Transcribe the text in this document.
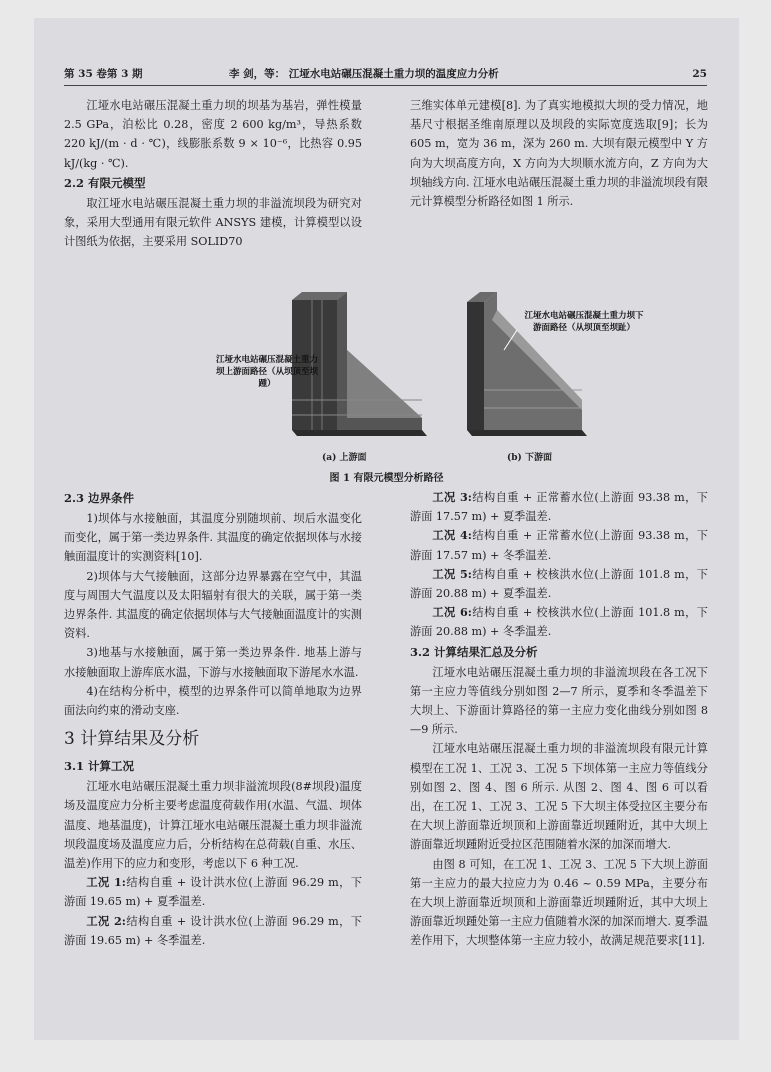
第 35 卷第 3 期	李 剑，等： 江垭水电站碾压混凝土重力坝的温度应力分析	25

江垭水电站碾压混凝土重力坝的坝基为基岩，弹性模量 2.5 GPa，泊松比 0.28，密度 2 600 kg/m³，导热系数 220 kJ/(m · d · ℃)，线膨胀系数 9 × 10⁻⁶，比热容 0.95 kJ/(kg · ℃).

2.2 有限元模型

取江垭水电站碾压混凝土重力坝的非溢流坝段为研究对象，采用大型通用有限元软件 ANSYS 建模，计算模型以设计图纸为依据，主要采用 SOLID70

三维实体单元建模[8]. 为了真实地模拟大坝的受力情况，地基尺寸根据圣维南原理以及坝段的实际宽度选取[9]；长为 605 m，宽为 36 m，深为 260 m. 大坝有限元模型中 Y 方向为大坝高度方向，X 方向为大坝顺水流方向，Z 方向为大坝轴线方向. 江垭水电站碾压混凝土重力坝的非溢流坝段有限元计算模型分析路径如图 1 所示.

江垭水电站碾压混凝土重力坝上游面路径（从坝顶至坝踵）
江垭水电站碾压混凝土重力坝下游面路径（从坝顶至坝趾）
(a) 上游面	(b) 下游面
图 1 有限元模型分析路径
2.3 边界条件

1)坝体与水接触面，其温度分别随坝前、坝后水温变化而变化，属于第一类边界条件. 其温度的确定依据坝体与水接触面温度计的实测资料[10].

2)坝体与大气接触面，这部分边界暴露在空气中，其温度与周围大气温度以及太阳辐射有很大的关联，属于第一类边界条件. 其温度的确定依据坝体与大气接触面温度计的实测资料.

3)地基与水接触面，属于第一类边界条件. 地基上游与水接触面取上游库底水温，下游与水接触面取下游尾水水温.

4)在结构分析中，模型的边界条件可以简单地取为边界面法向约束的滑动支座.

3 计算结果及分析
3.1 计算工况

江垭水电站碾压混凝土重力坝非溢流坝段(8#坝段)温度场及温度应力分析主要考虑温度荷载作用(水温、气温、坝体温度、地基温度)，计算江垭水电站碾压混凝土重力坝非溢流坝段温度场及温度应力后，分析结构在总荷载(自重、水压、温差)作用下的应力和变形，考虑以下 6 种工况.

工况 1:结构自重 + 设计洪水位(上游面 96.29 m，下游面 19.65 m) + 夏季温差.

工况 2:结构自重 + 设计洪水位(上游面 96.29 m，下游面 19.65 m) + 冬季温差.

工况 3:结构自重 + 正常蓄水位(上游面 93.38 m，下游面 17.57 m) + 夏季温差.

工况 4:结构自重 + 正常蓄水位(上游面 93.38 m，下游面 17.57 m) + 冬季温差.

工况 5:结构自重 + 校核洪水位(上游面 101.8 m，下游面 20.88 m) + 夏季温差.

工况 6:结构自重 + 校核洪水位(上游面 101.8 m，下游面 20.88 m) + 冬季温差.

3.2 计算结果汇总及分析

江垭水电站碾压混凝土重力坝的非溢流坝段在各工况下第一主应力等值线分别如图 2—7 所示，夏季和冬季温差下大坝上、下游面计算路径的第一主应力变化曲线分别如图 8—9 所示.

江垭水电站碾压混凝土重力坝的非溢流坝段有限元计算模型在工况 1、工况 3、工况 5 下坝体第一主应力等值线分别如图 2、图 4、图 6 所示. 从图 2、图 4、图 6 可以看出，在工况 1、工况 3、工况 5 下大坝主体受拉区主要分布在大坝上游面靠近坝顶和上游面靠近坝踵附近，其中大坝上游面靠近坝踵附近受拉区范围随着水深的加深而增大.

由图 8 可知，在工况 1、工况 3、工况 5 下大坝上游面第一主应力的最大拉应力为 0.46 ~ 0.59 MPa，主要分布在大坝上游面靠近坝顶和上游面靠近坝踵附近，其中大坝上游面靠近坝踵处第一主应力值随着水深的加深而增大. 夏季温差作用下，大坝整体第一主应力较小，故满足规范要求[11].
